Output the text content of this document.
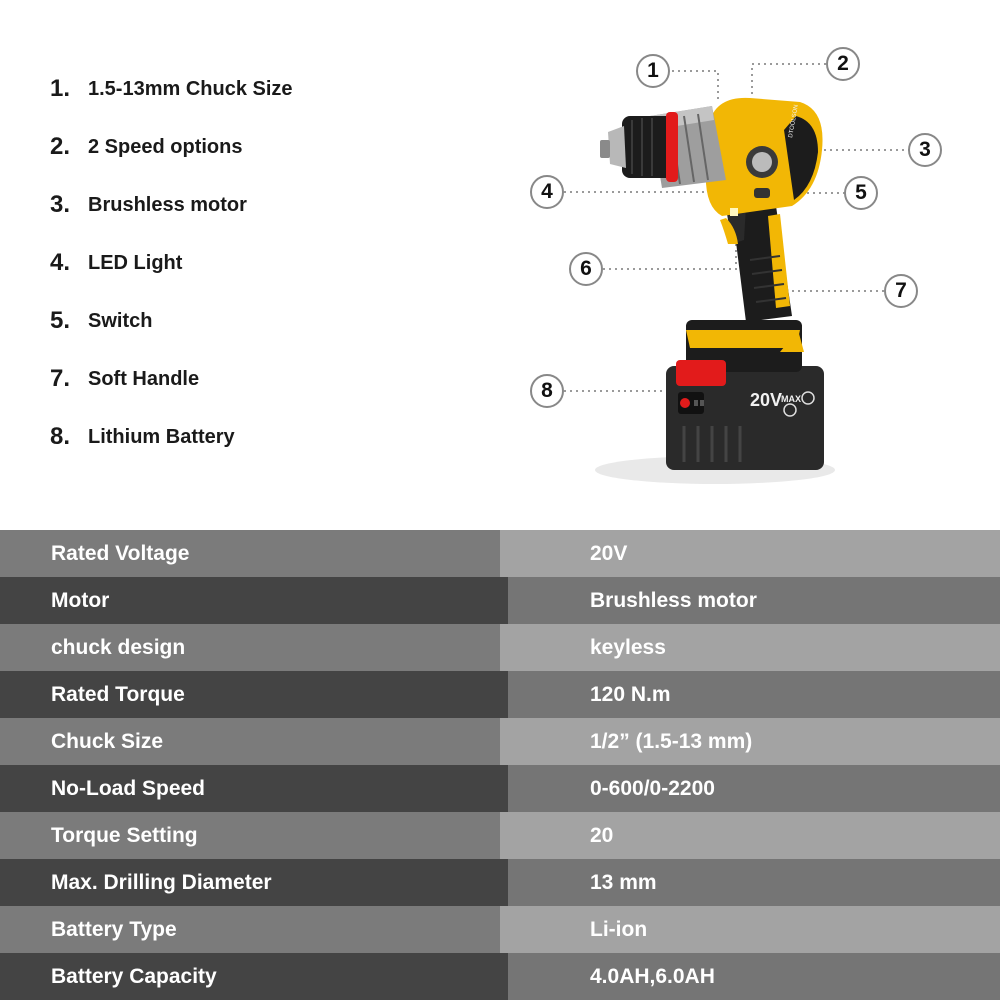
1. 1.5-13mm Chuck Size
2. 2 Speed options
3. Brushless motor
4. LED Light
5. Switch
7. Soft Handle
8. Lithium Battery
20V
MAX
DTOOLSON
1	2
3
4	5
6
7
8
Rated Voltage	20V
Motor	Brushless motor
chuck design	keyless
Rated Torque	120 N.m
Chuck Size	1/2” (1.5-13 mm)
No-Load Speed	0-600/0-2200
Torque Setting	20
Max. Drilling Diameter	13 mm
Battery Type	Li-ion
Battery Capacity	4.0AH,6.0AH
